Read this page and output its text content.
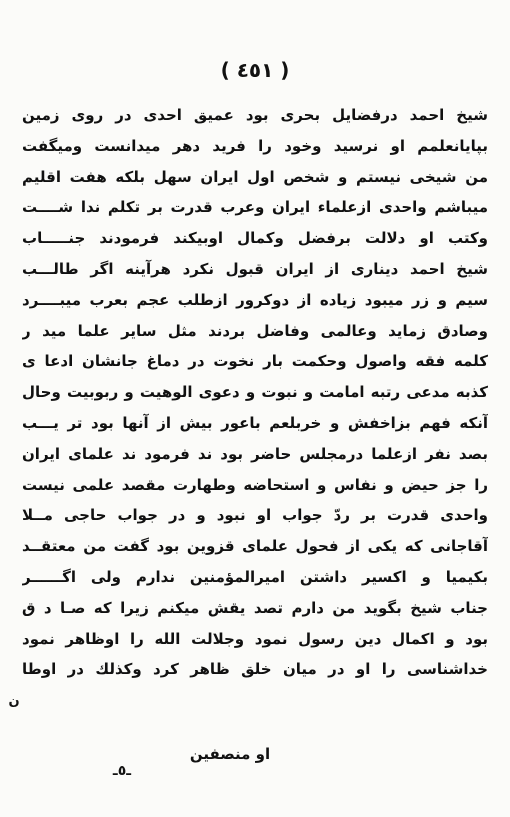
( ٤٥١ )
شیخ احمد درفضایل بحری بود عمیق احدی در روی زمین
بپایانعلمم او نرسید وخود را فرید دهر میدانست ومیگفت
من شیخی نیستم و شخص اول ایران سهل بلکه هفت اقلیم
میباشم واحدی ازعلماء ایران وعرب قدرت بر تکلم ندا شــــت
وکتب او دلالت برفضل وکمال اوبیکند فرمودند جنـــــاب
شیخ احمد دیناری از ایران قبول نکرد هرآینه اگر طالـــب
سیم و زر میبود زیاده از دوکرور ازطلب عجم بعرب میبــــرد
وصادق زماید وعالمی وفاضل بردند مثل سایر علما مید ر
کلمه فقه واصول وحکمت بار نخوت در دماغ جانشان ادعا ی
کذبه مدعی رتبه امامت و نبوت و دعوی الوهیت و ربوبیت وحال
آنکه فهم بزاخفش و خربلعم باعور بیش از آنها بود تر یـــب
بصد نفر ازعلما درمجلس حاضر بود ند فرمود ند علمای ایران
را جز حیض و نفاس و استحاضه وطهارت مقصد علمی نیست
واحدی قدرت بر ردّ جواب او نبود و در جواب حاجی مــلا
آقاجانی که یکی از فحول علمای قزوین بود گفت من معتقــد
بکیمیا و اکسیر داشتن امیرالمؤمنین ندارم ولی اگــــــر
جناب شیخ بگوید من دارم تصد یقش میکنم زیرا که صـا د ق
بود و اکمال دین رسول نمود وجلالت الله را اوظاهر نمود
خداشناسی را او در میان خلق ظاهر کرد وکذلك در اوطا
ن
او منصفین
ـ٥ـ
